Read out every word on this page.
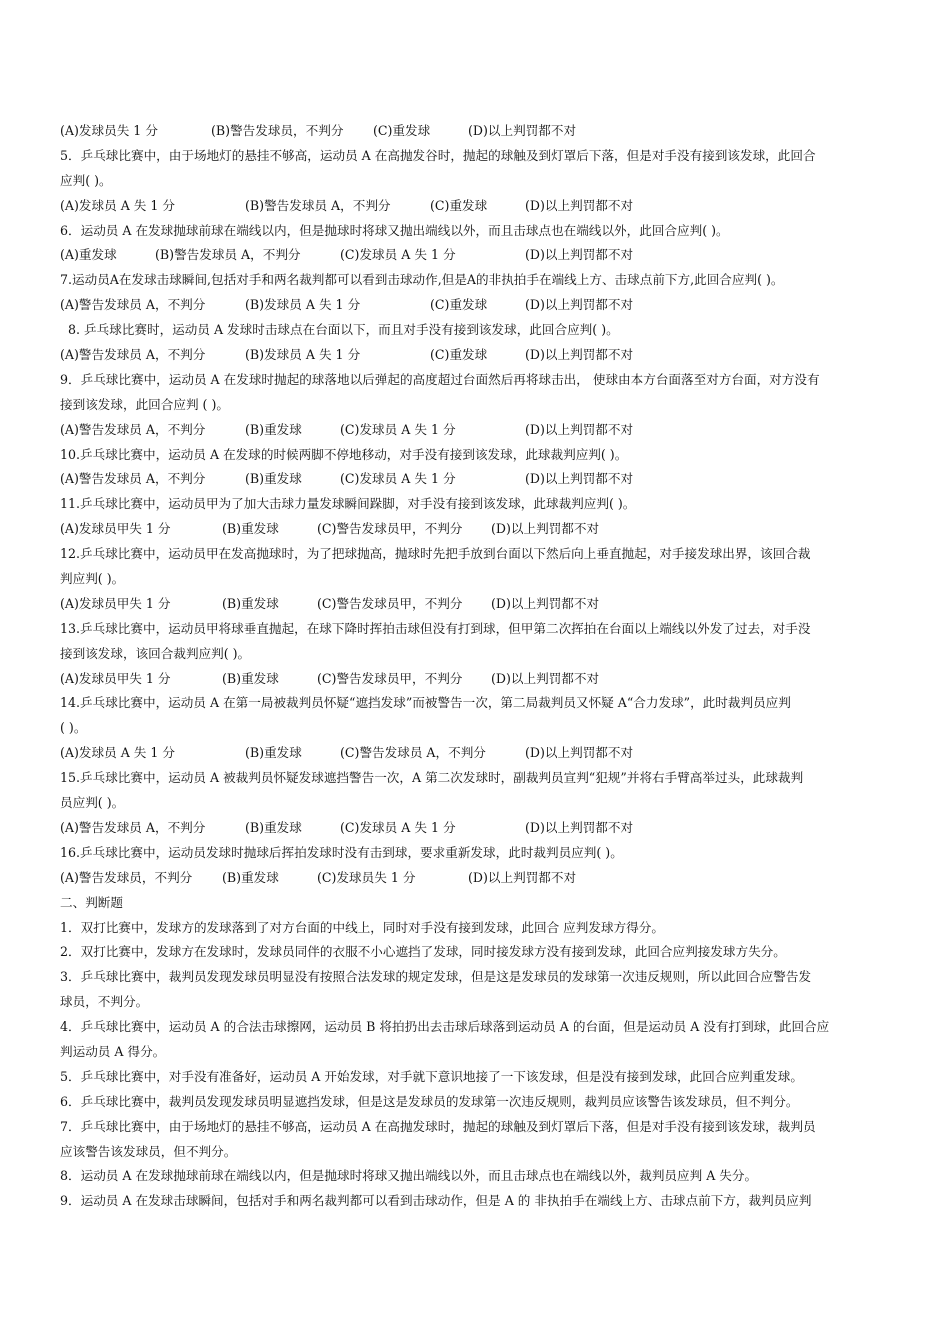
(A)发球员失 1 分	(B)警告发球员，不判分	(C)重发球	(D)以上判罚都不对
5．乒乓球比赛中，由于场地灯的悬挂不够高，运动员 A 在高抛发谷时，抛起的球触及到灯罩后下落，但是对手没有接到该发球，此回合
应判( )。
(A)发球员 A 失 1 分	(B)警告发球员 A，不判分	(C)重发球	(D)以上判罚都不对
6．运动员 A 在发球抛球前球在端线以内，但是抛球时将球又抛出端线以外，而且击球点也在端线以外，此回合应判( )。
(A)重发球	(B)警告发球员 A，不判分	(C)发球员 A 失 1 分	(D)以上判罚都不对
7.运动员A在发球击球瞬间,包括对手和两名裁判都可以看到击球动作,但是A的非执拍手在端线上方、击球点前下方,此回合应判( )。
(A)警告发球员 A，不判分	(B)发球员 A 失 1 分	(C)重发球	(D)以上判罚都不对
8. 乒乓球比赛时，运动员 A 发球时击球点在台面以下，而且对手没有接到该发球，此回合应判( )。
(A)警告发球员 A，不判分	(B)发球员 A 失 1 分	(C)重发球	(D)以上判罚都不对
9．乒乓球比赛中，运动员 A 在发球时抛起的球落地以后弹起的高度超过台面然后再将球击出， 使球由本方台面落至对方台面，对方没有
接到该发球，此回合应判 ( )。
(A)警告发球员 A，不判分	(B)重发球	(C)发球员 A 失 1 分	(D)以上判罚都不对
10.乒乓球比赛中，运动员 A 在发球的时候两脚不停地移动，对手没有接到该发球，此球裁判应判( )。
(A)警告发球员 A，不判分	(B)重发球	(C)发球员 A 失 1 分	(D)以上判罚都不对
11.乒乓球比赛中，运动员甲为了加大击球力量发球瞬间跺脚，对手没有接到该发球，此球裁判应判( )。
(A)发球员甲失 1 分	(B)重发球	(C)警告发球员甲，不判分	(D)以上判罚都不对
12.乒乓球比赛中，运动员甲在发高抛球时，为了把球抛高，抛球时先把手放到台面以下然后向上垂直抛起，对手接发球出界，该回合裁
判应判( )。
(A)发球员甲失 1 分	(B)重发球	(C)警告发球员甲，不判分	(D)以上判罚都不对
13.乒乓球比赛中，运动员甲将球垂直抛起，在球下降时挥拍击球但没有打到球，但甲第二次挥拍在台面以上端线以外发了过去，对手没
接到该发球，该回合裁判应判( )。
(A)发球员甲失 1 分	(B)重发球	(C)警告发球员甲，不判分	(D)以上判罚都不对
14.乒乓球比赛中，运动员 A 在第一局被裁判员怀疑“遮挡发球”而被警告一次，第二局裁判员又怀疑 A“合力发球”，此时裁判员应判
( )。
(A)发球员 A 失 1 分	(B)重发球	(C)警告发球员 A，不判分	(D)以上判罚都不对
15.乒乓球比赛中，运动员 A 被裁判员怀疑发球遮挡警告一次，A 第二次发球时，副裁判员宣判“犯规”并将右手臂高举过头，此球裁判
员应判( )。
(A)警告发球员 A，不判分	(B)重发球	(C)发球员 A 失 1 分	(D)以上判罚都不对
16.乒乓球比赛中，运动员发球时抛球后挥拍发球时没有击到球，要求重新发球，此时裁判员应判( )。
(A)警告发球员，不判分	(B)重发球	(C)发球员失 1 分	(D)以上判罚都不对
二、判断题
1．双打比赛中，发球方的发球落到了对方台面的中线上，同时对手没有接到发球，此回合 应判发球方得分。
2．双打比赛中，发球方在发球时，发球员同伴的衣服不小心遮挡了发球，同时接发球方没有接到发球，此回合应判接发球方失分。
3．乒乓球比赛中，裁判员发现发球员明显没有按照合法发球的规定发球，但是这是发球员的发球第一次违反规则，所以此回合应警告发
球员，不判分。
4．乒乓球比赛中，运动员 A 的合法击球擦网，运动员 B 将拍扔出去击球后球落到运动员 A 的台面，但是运动员 A 没有打到球，此回合应
判运动员 A 得分。
5．乒乓球比赛中，对手没有准备好，运动员 A 开始发球，对手就下意识地接了一下该发球，但是没有接到发球，此回合应判重发球。
6．乒乓球比赛中，裁判员发现发球员明显遮挡发球，但是这是发球员的发球第一次违反规则，裁判员应该警告该发球员，但不判分。
7．乒乓球比赛中，由于场地灯的悬挂不够高，运动员 A 在高抛发球时，抛起的球触及到灯罩后下落，但是对手没有接到该发球，裁判员
应该警告该发球员，但不判分。
8．运动员 A 在发球抛球前球在端线以内，但是抛球时将球又抛出端线以外，而且击球点也在端线以外，裁判员应判 A 失分。
9．运动员 A 在发球击球瞬间，包括对手和两名裁判都可以看到击球动作，但是 A 的 非执拍手在端线上方、击球点前下方，裁判员应判
